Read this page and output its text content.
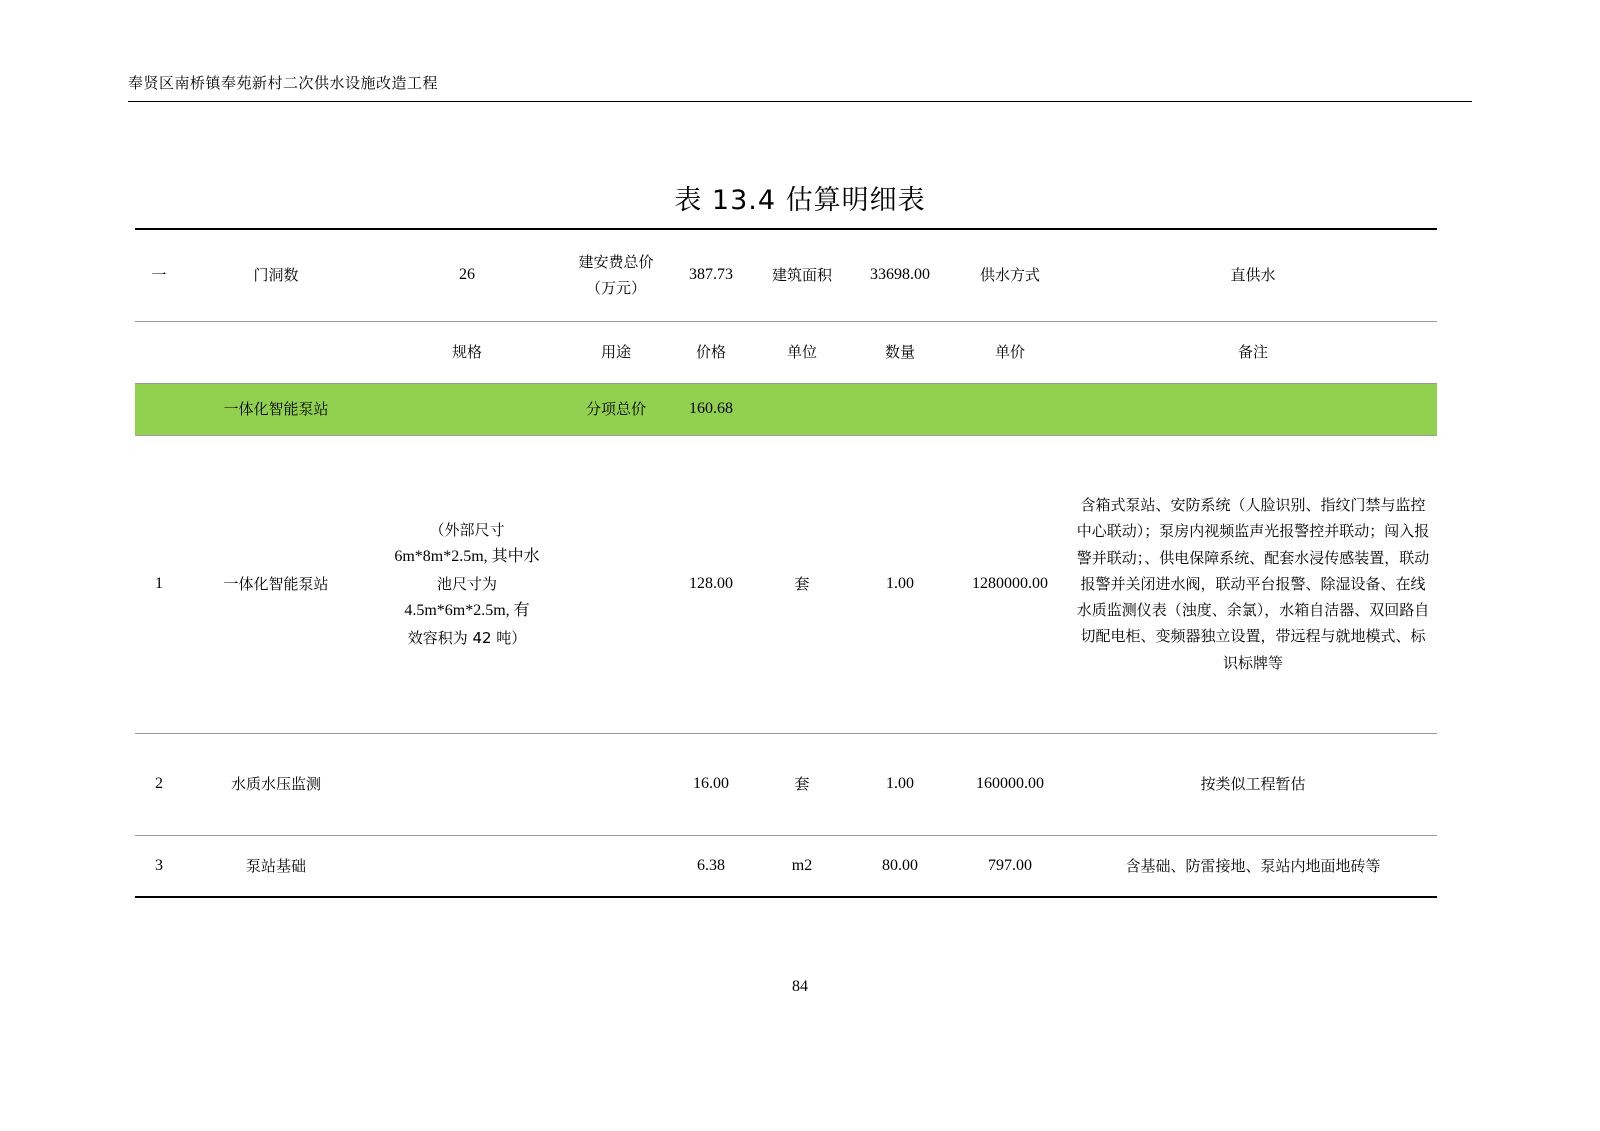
奉贤区南桥镇奉苑新村二次供水设施改造工程
表 13.4 估算明细表
一	门洞数	26	建安费总价（万元）	387.73	建筑面积	33698.00	供水方式	直供水
		规格	用途	价格	单位	数量	单价	备注
	一体化智能泵站		分项总价	160.68				
1	一体化智能泵站	（外部尺寸
6m*8m*2.5m, 其中水
池尺寸为
4.5m*6m*2.5m, 有
效容积为 42 吨）		128.00	套	1.00	1280000.00	含箱式泵站、安防系统（人脸识别、指纹门禁与监控中心联动）；泵房内视频监声光报警控并联动；闯入报警并联动；、供电保障系统、配套水浸传感装置，联动报警并关闭进水阀，联动平台报警、除湿设备、在线水质监测仪表（浊度、余氯），水箱自洁器、双回路自切配电柜、变频器独立设置，带远程与就地模式、标识标牌等
2	水质水压监测			16.00	套	1.00	160000.00	按类似工程暂估
3	泵站基础			6.38	m2	80.00	797.00	含基础、防雷接地、泵站内地面地砖等
84
